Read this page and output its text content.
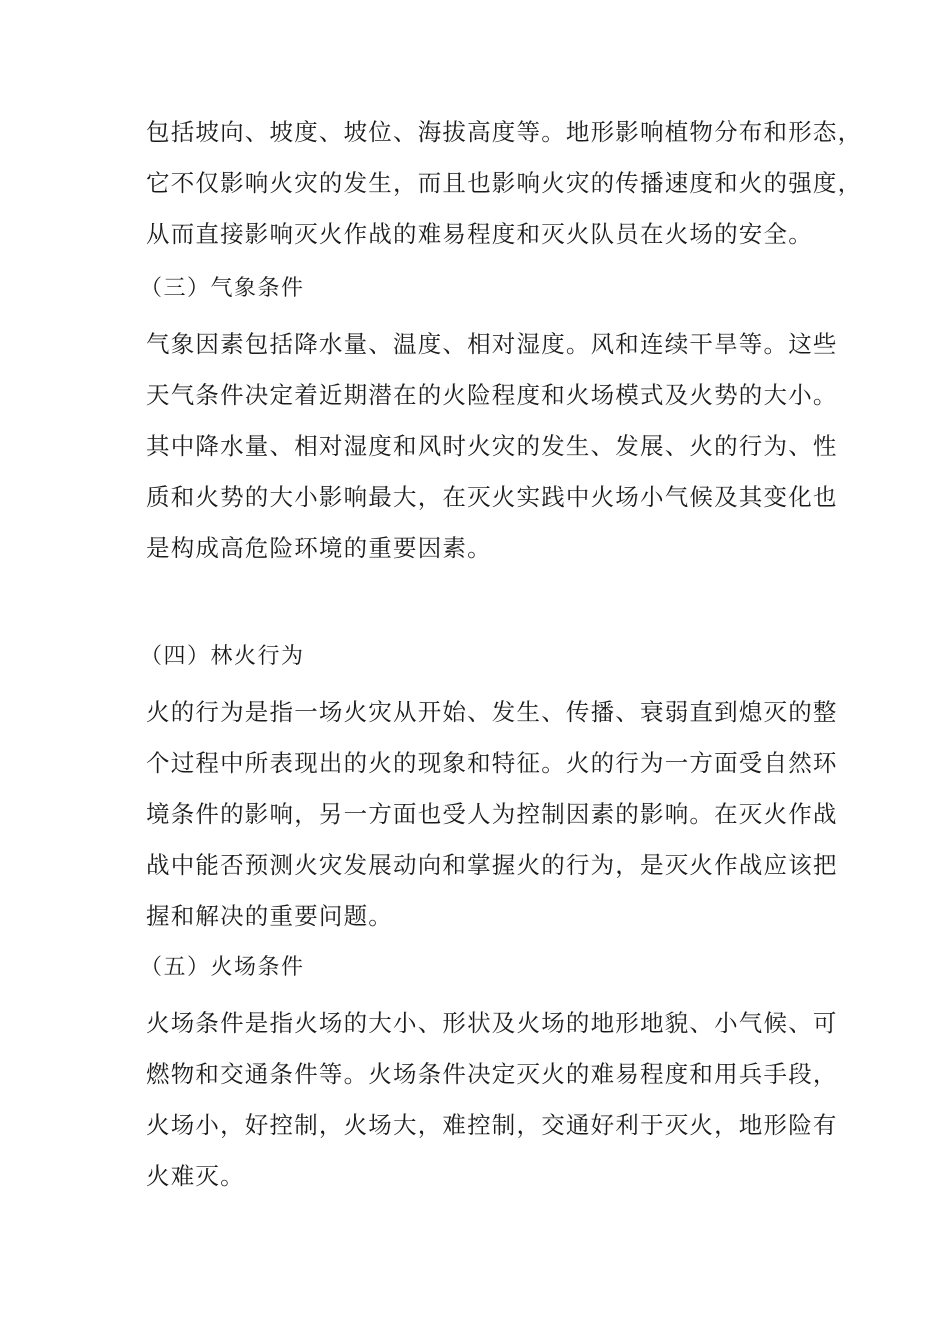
包括坡向、坡度、坡位、海拔高度等。地形影响植物分布和形态，
它不仅影响火灾的发生，而且也影响火灾的传播速度和火的强度，
从而直接影响灭火作战的难易程度和灭火队员在火场的安全。
（三）气象条件
气象因素包括降水量、温度、相对湿度。风和连续干旱等。这些
天气条件决定着近期潜在的火险程度和火场模式及火势的大小。
其中降水量、相对湿度和风时火灾的发生、发展、火的行为、性
质和火势的大小影响最大，在灭火实践中火场小气候及其变化也
是构成高危险环境的重要因素。
（四）林火行为
火的行为是指一场火灾从开始、发生、传播、衰弱直到熄灭的整
个过程中所表现出的火的现象和特征。火的行为一方面受自然环
境条件的影响，另一方面也受人为控制因素的影响。在灭火作战
战中能否预测火灾发展动向和掌握火的行为，是灭火作战应该把
握和解决的重要问题。
（五）火场条件
火场条件是指火场的大小、形状及火场的地形地貌、小气候、可
燃物和交通条件等。火场条件决定灭火的难易程度和用兵手段，
火场小，好控制，火场大，难控制，交通好利于灭火，地形险有
火难灭。
